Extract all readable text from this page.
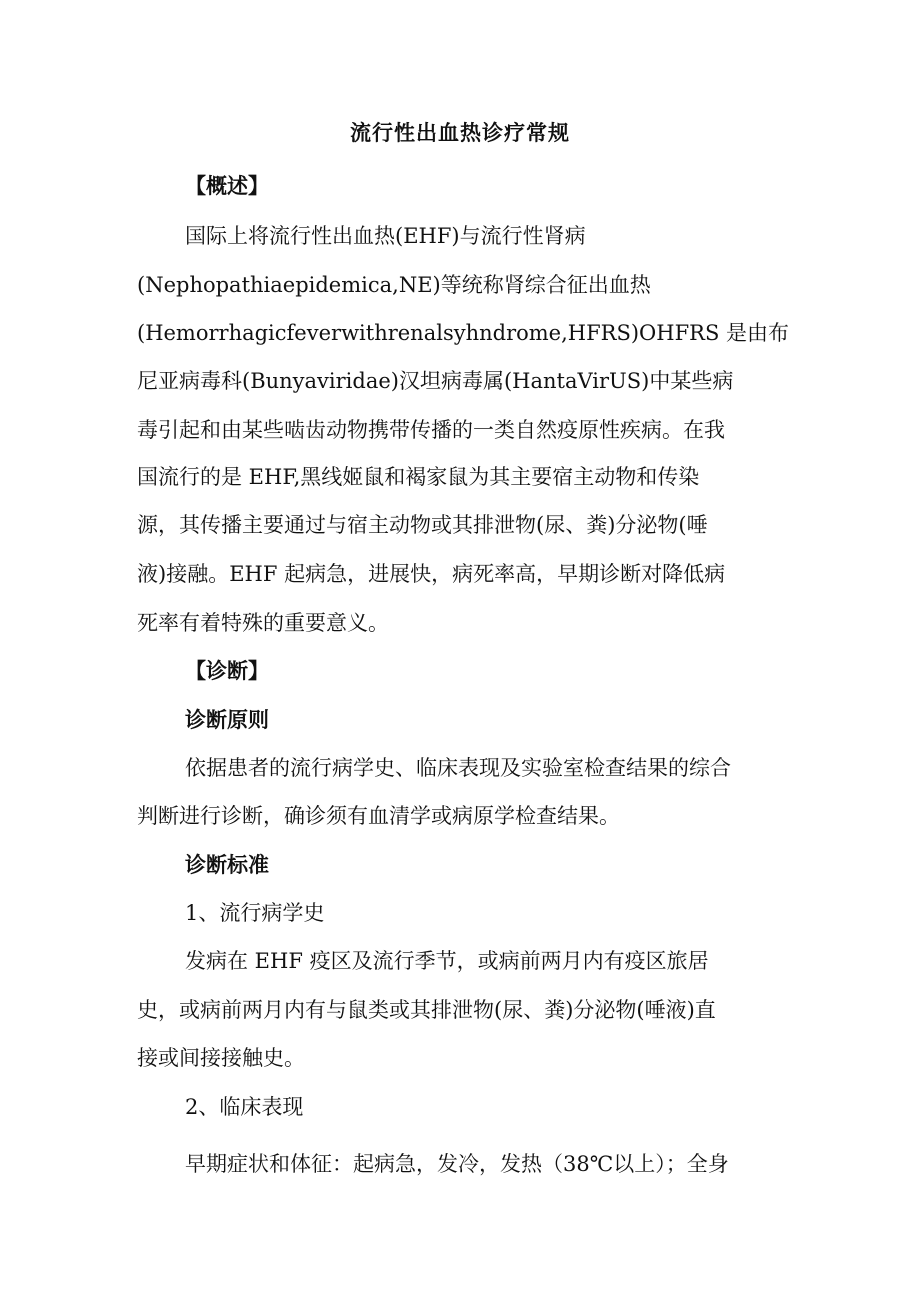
流行性出血热诊疗常规
【概述】
国际上将流行性出血热(EHF)与流行性肾病
(Nephopathiaepidemica,NE)等统称肾综合征出血热
(Hemorrhagicfeverwithrenalsyhndrome,HFRS)OHFRS 是由布
尼亚病毒科(Bunyaviridae)汉坦病毒属(HantaVirUS)中某些病
毒引起和由某些啮齿动物携带传播的一类自然疫原性疾病。在我
国流行的是 EHF,黑线姬鼠和褐家鼠为其主要宿主动物和传染
源，其传播主要通过与宿主动物或其排泄物(尿、粪)分泌物(唾
液)接融。EHF 起病急，进展快，病死率高，早期诊断对降低病
死率有着特殊的重要意义。
【诊断】
诊断原则
依据患者的流行病学史、临床表现及实验室检查结果的综合
判断进行诊断，确诊须有血清学或病原学检查结果。
诊断标准
1、流行病学史
发病在 EHF 疫区及流行季节，或病前两月内有疫区旅居
史，或病前两月内有与鼠类或其排泄物(尿、粪)分泌物(唾液)直
接或间接接触史。
2、临床表现
早期症状和体征：起病急，发冷，发热（38℃以上）；全身
